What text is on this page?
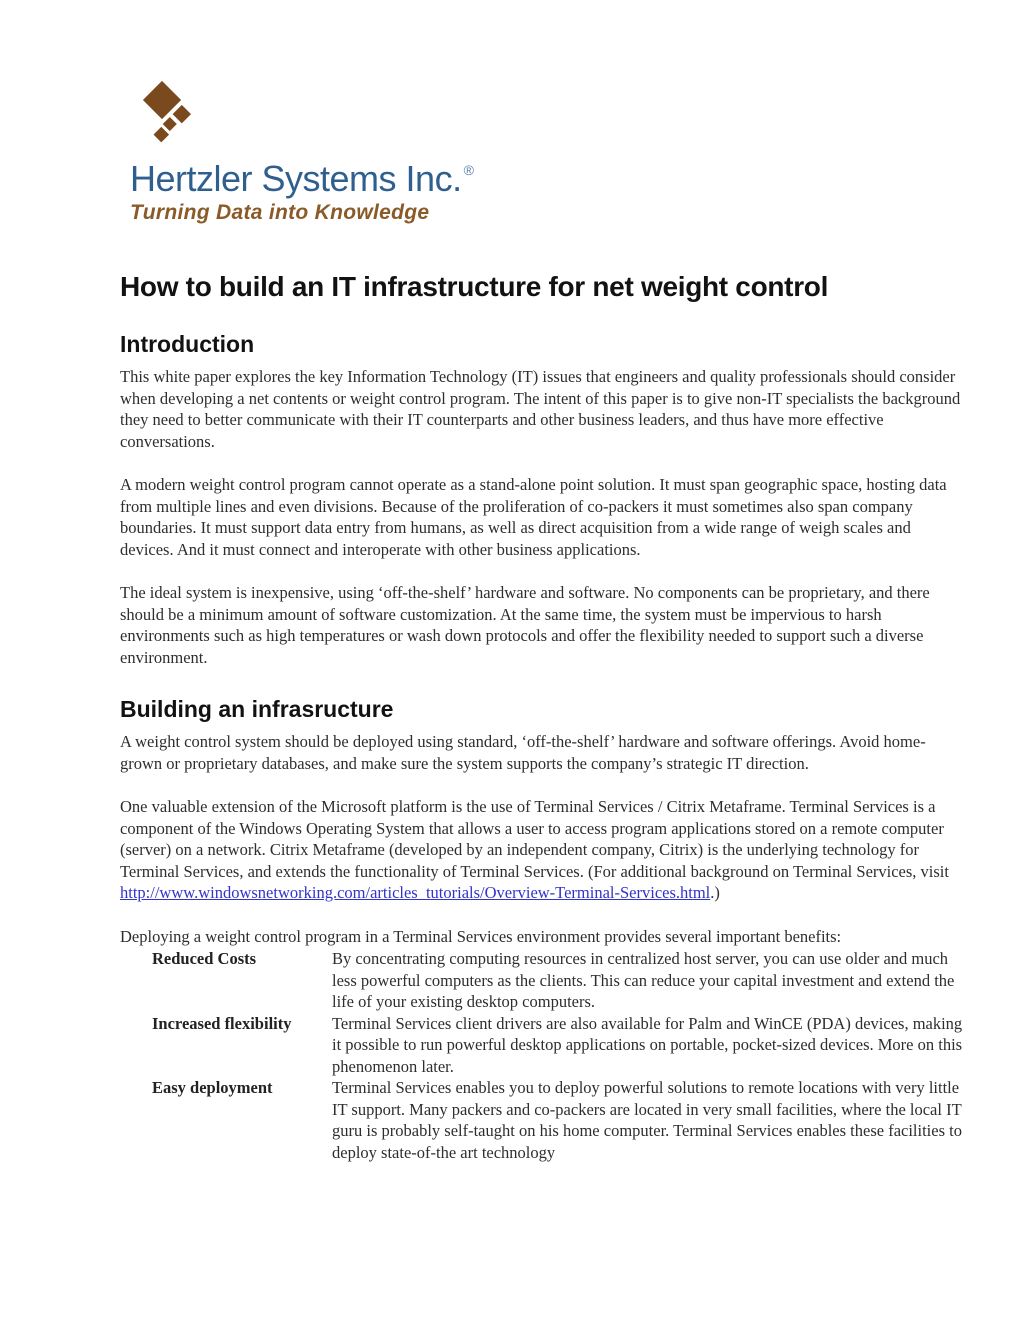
Hertzler Systems Inc. ®
Turning Data into Knowledge
How to build an IT infrastructure for net weight control
Introduction

This white paper explores the key Information Technology (IT) issues that engineers and quality professionals should consider when developing a net contents or weight control program. The intent of this paper is to give non-IT specialists the background they need to better communicate with their IT counterparts and other business leaders, and thus have more effective conversations.

A modern weight control program cannot operate as a stand-alone point solution. It must span geographic space, hosting data from multiple lines and even divisions. Because of the proliferation of co-packers it must sometimes also span company boundaries. It must support data entry from humans, as well as direct acquisition from a wide range of weigh scales and devices. And it must connect and interoperate with other business applications.

The ideal system is inexpensive, using ‘off-the-shelf’ hardware and software. No components can be proprietary, and there should be a minimum amount of software customization. At the same time, the system must be impervious to harsh environments such as high temperatures or wash down protocols and offer the flexibility needed to support such a diverse environment.

Building an infrasructure

A weight control system should be deployed using standard, ‘off-the-shelf’ hardware and software offerings. Avoid home-grown or proprietary databases, and make sure the system supports the company’s strategic IT direction.

One valuable extension of the Microsoft platform is the use of Terminal Services / Citrix Metaframe. Terminal Services is a component of the Windows Operating System that allows a user to access program applications stored on a remote computer (server) on a network. Citrix Metaframe (developed by an independent company, Citrix) is the underlying technology for Terminal Services, and extends the functionality of Terminal Services. (For additional background on Terminal Services, visit http://www.windowsnetworking.com/articles_tutorials/Overview-Terminal-Services.html.)

Deploying a weight control program in a Terminal Services environment provides several important benefits:

Reduced Costs	By concentrating computing resources in centralized host server, you can use older and much less powerful computers as the clients. This can reduce your capital investment and extend the life of your existing desktop computers.
Increased flexibility	Terminal Services client drivers are also available for Palm and WinCE (PDA) devices, making it possible to run powerful desktop applications on portable, pocket-sized devices. More on this phenomenon later.
Easy deployment	Terminal Services enables you to deploy powerful solutions to remote locations with very little IT support. Many packers and co-packers are located in very small facilities, where the local IT guru is probably self-taught on his home computer. Terminal Services enables these facilities to deploy state-of-the art technology
